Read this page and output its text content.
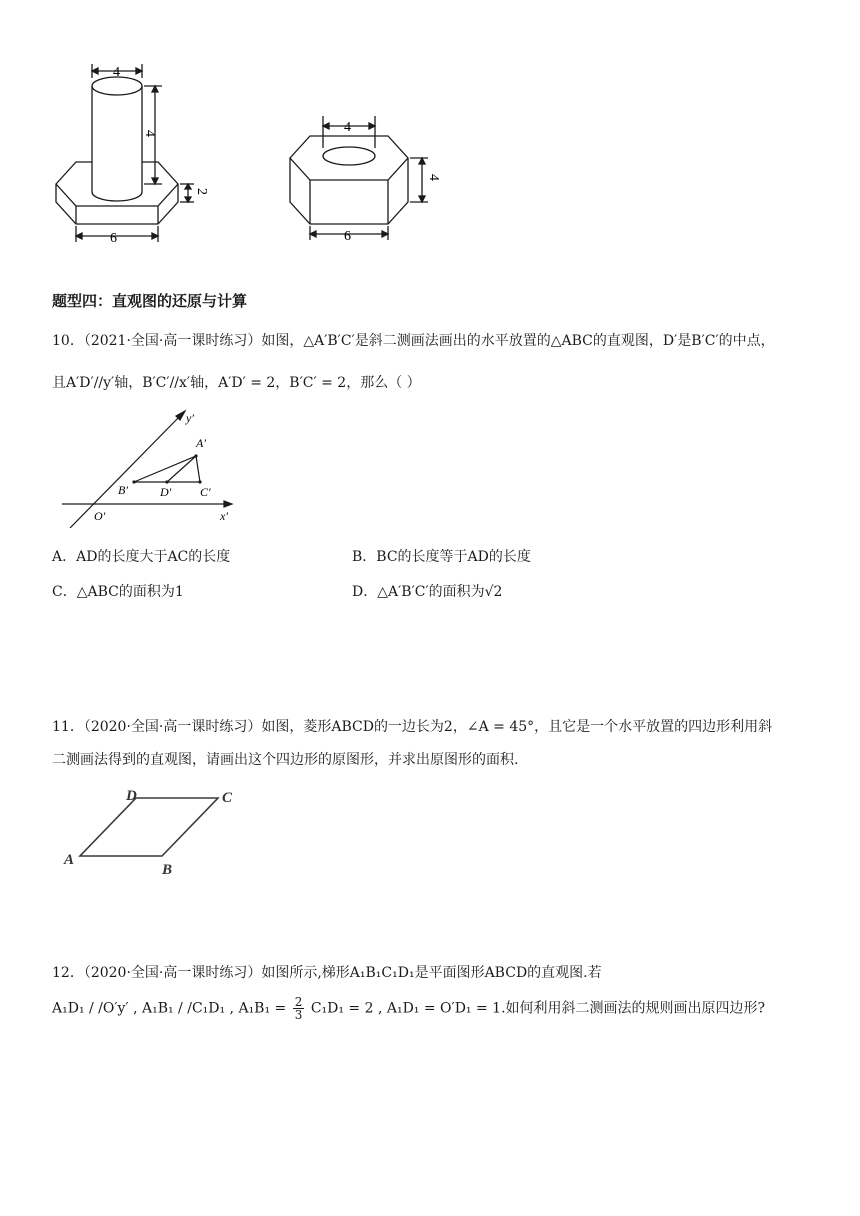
4
4
2
6
4
4
6
题型四：直观图的还原与计算
10．（2021·全国·高一课时练习）如图，△A′B′C′是斜二测画法画出的水平放置的△ABC的直观图，D′是B′C′的中点，
且A′D′//y′轴，B′C′//x′轴，A′D′ = 2，B′C′ = 2，那么（ ）
y′
x′
O′
A′
B′	C′
D′
A．AD的长度大于AC的长度	B．BC的长度等于AD的长度
C．△ABC的面积为1	D．△A′B′C′的面积为√2
11．（2020·全国·高一课时练习）如图，菱形ABCD的一边长为2，∠A = 45°，且它是一个水平放置的四边形利用斜
二测画法得到的直观图，请画出这个四边形的原图形，并求出原图形的面积.
A
B
C
D
12．（2020·全国·高一课时练习）如图所示,梯形A₁B₁C₁D₁是平面图形ABCD的直观图.若
A₁D₁ / /O′y′ , A₁B₁ / /C₁D₁ , $A_1B_1 = \frac{2}{3} C_1D_1 = 2$ , A₁D₁ = O′D₁ = 1.如何利用斜二测画法的规则画出原四边形?
